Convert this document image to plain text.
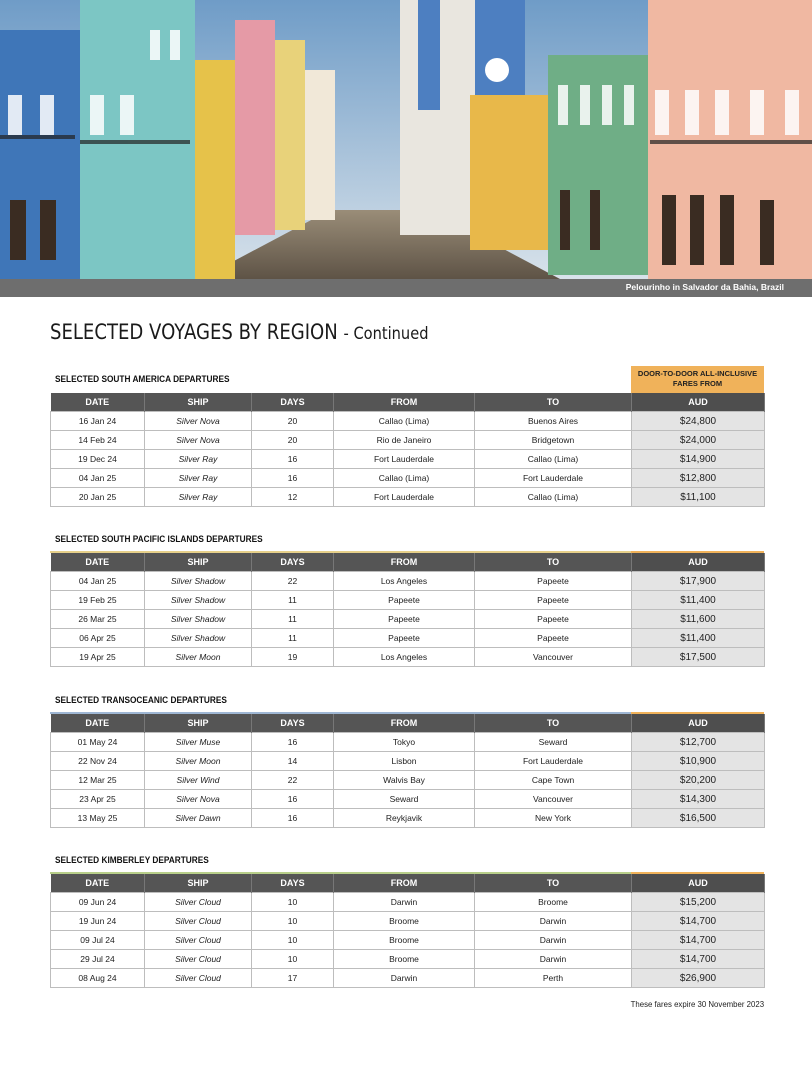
Pelourinho in Salvador da Bahia, Brazil
SELECTED VOYAGES BY REGION - Continued
SELECTED SOUTH AMERICA DEPARTURES
DOOR-TO-DOOR ALL-INCLUSIVE FARES FROM
DATE	SHIP	DAYS	FROM	TO	AUD
16 Jan 24	Silver Nova	20	Callao (Lima)	Buenos Aires	$24,800
14 Feb 24	Silver Nova	20	Rio de Janeiro	Bridgetown	$24,000
19 Dec 24	Silver Ray	16	Fort Lauderdale	Callao (Lima)	$14,900
04 Jan 25	Silver Ray	16	Callao (Lima)	Fort Lauderdale	$12,800
20 Jan 25	Silver Ray	12	Fort Lauderdale	Callao (Lima)	$11,100
SELECTED SOUTH PACIFIC ISLANDS DEPARTURES
DATE	SHIP	DAYS	FROM	TO	AUD
04 Jan 25	Silver Shadow	22	Los Angeles	Papeete	$17,900
19 Feb 25	Silver Shadow	11	Papeete	Papeete	$11,400
26 Mar 25	Silver Shadow	11	Papeete	Papeete	$11,600
06 Apr 25	Silver Shadow	11	Papeete	Papeete	$11,400
19 Apr 25	Silver Moon	19	Los Angeles	Vancouver	$17,500
SELECTED TRANSOCEANIC DEPARTURES
DATE	SHIP	DAYS	FROM	TO	AUD
01 May 24	Silver Muse	16	Tokyo	Seward	$12,700
22 Nov 24	Silver Moon	14	Lisbon	Fort Lauderdale	$10,900
12 Mar 25	Silver Wind	22	Walvis Bay	Cape Town	$20,200
23 Apr 25	Silver Nova	16	Seward	Vancouver	$14,300
13 May 25	Silver Dawn	16	Reykjavik	New York	$16,500
SELECTED KIMBERLEY DEPARTURES
DATE	SHIP	DAYS	FROM	TO	AUD
09 Jun 24	Silver Cloud	10	Darwin	Broome	$15,200
19 Jun 24	Silver Cloud	10	Broome	Darwin	$14,700
09 Jul 24	Silver Cloud	10	Broome	Darwin	$14,700
29 Jul 24	Silver Cloud	10	Broome	Darwin	$14,700
08 Aug 24	Silver Cloud	17	Darwin	Perth	$26,900
These fares expire 30 November 2023
